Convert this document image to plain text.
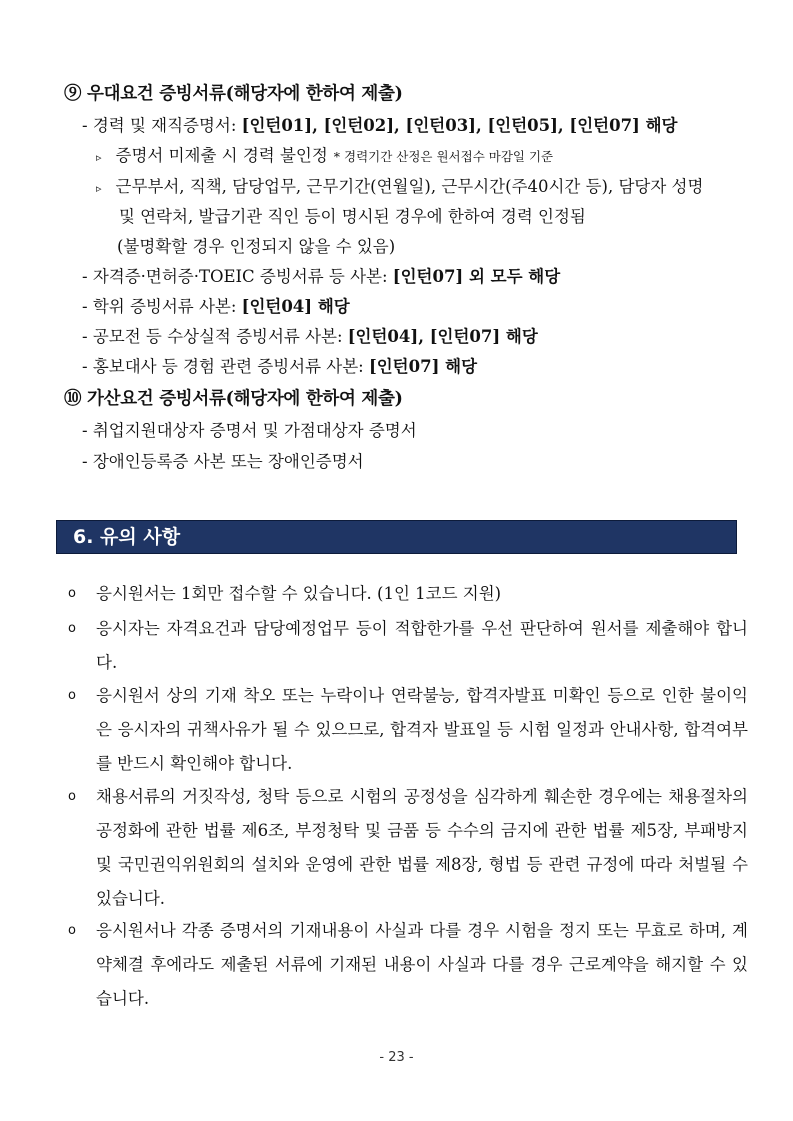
⑨ 우대요건 증빙서류(해당자에 한하여 제출)
- 경력 및 재직증명서: [인턴01], [인턴02], [인턴03], [인턴05], [인턴07] 해당
▹ 증명서 미제출 시 경력 불인정 * 경력기간 산정은 원서접수 마감일 기준
▹ 근무부서, 직책, 담당업무, 근무기간(연월일), 근무시간(주40시간 등), 담당자 성명
및 연락처, 발급기관 직인 등이 명시된 경우에 한하여 경력 인정됨
(불명확할 경우 인정되지 않을 수 있음)
- 자격증·면허증·TOEIC 증빙서류 등 사본: [인턴07] 외 모두 해당
- 학위 증빙서류 사본: [인턴04] 해당
- 공모전 등 수상실적 증빙서류 사본: [인턴04], [인턴07] 해당
- 홍보대사 등 경험 관련 증빙서류 사본: [인턴07] 해당
⑩ 가산요건 증빙서류(해당자에 한하여 제출)
- 취업지원대상자 증명서 및 가점대상자 증명서
- 장애인등록증 사본 또는 장애인증명서
6. 유의 사항
o	응시원서는 1회만 접수할 수 있습니다. (1인 1코드 지원)
o	응시자는 자격요건과 담당예정업무 등이 적합한가를 우선 판단하여 원서를 제출해야 합니다.
o	응시원서 상의 기재 착오 또는 누락이나 연락불능, 합격자발표 미확인 등으로 인한 불이익은 응시자의 귀책사유가 될 수 있으므로, 합격자 발표일 등 시험 일정과 안내사항, 합격여부를 반드시 확인해야 합니다.
o	채용서류의 거짓작성, 청탁 등으로 시험의 공정성을 심각하게 훼손한 경우에는 채용절차의 공정화에 관한 법률 제6조, 부정청탁 및 금품 등 수수의 금지에 관한 법률 제5장, 부패방지 및 국민권익위원회의 설치와 운영에 관한 법률 제8장, 형법 등 관련 규정에 따라 처벌될 수 있습니다.
o	응시원서나 각종 증명서의 기재내용이 사실과 다를 경우 시험을 정지 또는 무효로 하며, 계약체결 후에라도 제출된 서류에 기재된 내용이 사실과 다를 경우 근로계약을 해지할 수 있습니다.
- 23 -
